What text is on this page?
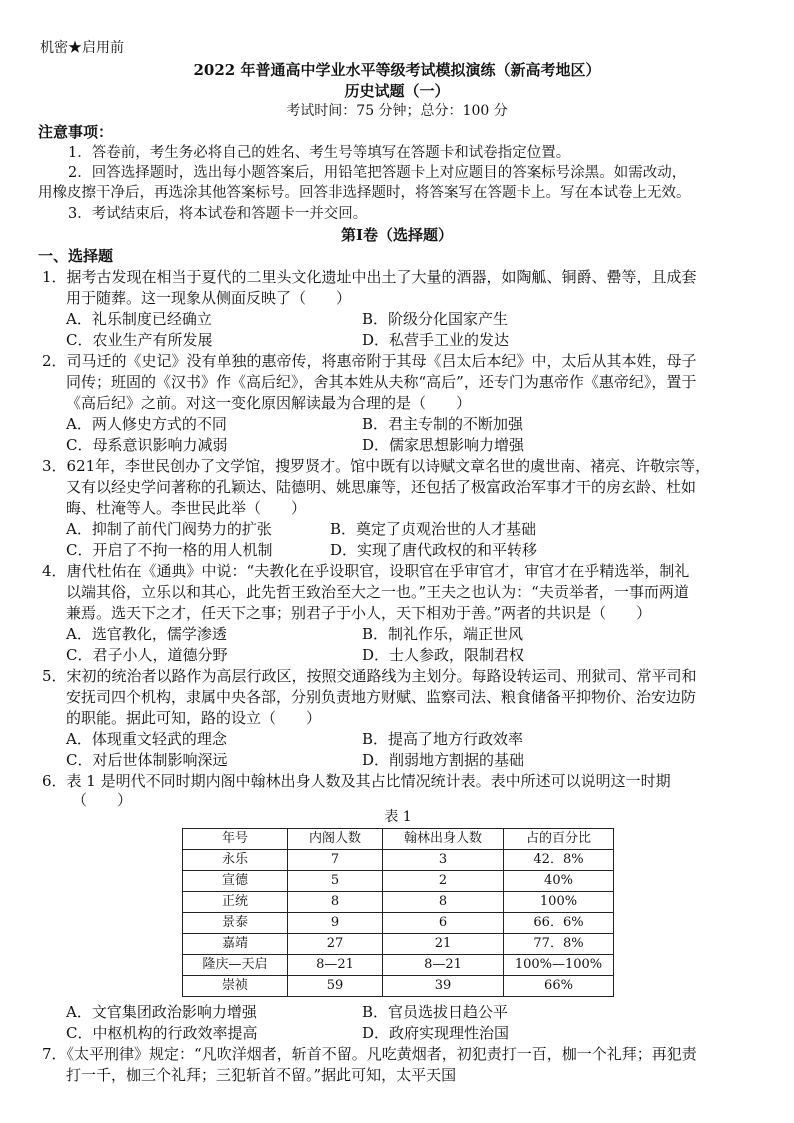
机密★启用前
2022 年普通高中学业水平等级考试模拟演练（新高考地区）
历史试题（一）
考试时间：75 分钟；总分：100 分
注意事项：
1．答卷前，考生务必将自己的姓名、考生号等填写在答题卡和试卷指定位置。
2．回答选择题时，选出每小题答案后，用铅笔把答题卡上对应题目的答案标号涂黑。如需改动，
用橡皮擦干净后，再选涂其他答案标号。回答非选择题时，将答案写在答题卡上。写在本试卷上无效。
3．考试结束后，将本试卷和答题卡一并交回。
第Ⅰ卷（选择题）
一、选择题
1．据考古发现在相当于夏代的二里头文化遗址中出土了大量的酒器，如陶觚、铜爵、罍等，且成套
用于随葬。这一现象从侧面反映了（　　）
A．礼乐制度已经确立	B．阶级分化国家产生
C．农业生产有所发展	D．私营手工业的发达
2．司马迁的《史记》没有单独的惠帝传，将惠帝附于其母《吕太后本纪》中，太后从其本姓，母子
同传；班固的《汉书》作《高后纪》，舍其本姓从夫称“高后”，还专门为惠帝作《惠帝纪》，置于
《高后纪》之前。对这一变化原因解读最为合理的是（　　）
A．两人修史方式的不同	B．君主专制的不断加强
C．母系意识影响力减弱	D．儒家思想影响力增强
3．621年，李世民创办了文学馆，搜罗贤才。馆中既有以诗赋文章名世的虞世南、褚亮、许敬宗等，
又有以经史学问著称的孔颖达、陆德明、姚思廉等，还包括了极富政治军事才干的房玄龄、杜如
晦、杜淹等人。李世民此举（　　）
A．抑制了前代门阀势力的扩张	B．奠定了贞观治世的人才基础
C．开启了不拘一格的用人机制	D．实现了唐代政权的和平转移
4．唐代杜佑在《通典》中说：“夫教化在乎设职官，设职官在乎审官才，审官才在乎精选举，制礼
以端其俗，立乐以和其心，此先哲王致治至大之一也。”王夫之也认为：“夫贡举者，一事而两道
兼焉。选天下之才，任天下之事；别君子于小人，天下相劝于善。”两者的共识是（　　）
A．选官教化，儒学渗透	B．制礼作乐，端正世风
C．君子小人，道德分野	D．士人参政，限制君权
5．宋初的统治者以路作为高层行政区，按照交通路线为主划分。每路设转运司、刑狱司、常平司和
安抚司四个机构，隶属中央各部，分别负责地方财赋、监察司法、粮食储备平抑物价、治安边防
的职能。据此可知，路的设立（　　）
A．体现重文轻武的理念	B．提高了地方行政效率
C．对后世体制影响深远	D．削弱地方割据的基础
6．表 1 是明代不同时期内阁中翰林出身人数及其占比情况统计表。表中所述可以说明这一时期
（　　）
表 1
年号	内阁人数	翰林出身人数	占的百分比
永乐	7	3	42．8%
宣德	5	2	40%
正统	8	8	100%
景泰	9	6	66．6%
嘉靖	27	21	77．8%
隆庆—天启	8—21	8—21	100%—100%
崇祯	59	39	66%
A．文官集团政治影响力增强	B．官员选拔日趋公平
C．中枢机构的行政效率提高	D．政府实现理性治国
7．《太平刑律》规定：“凡吹洋烟者，斩首不留。凡吃黄烟者，初犯责打一百，枷一个礼拜；再犯责
打一千，枷三个礼拜；三犯斩首不留。”据此可知，太平天国
